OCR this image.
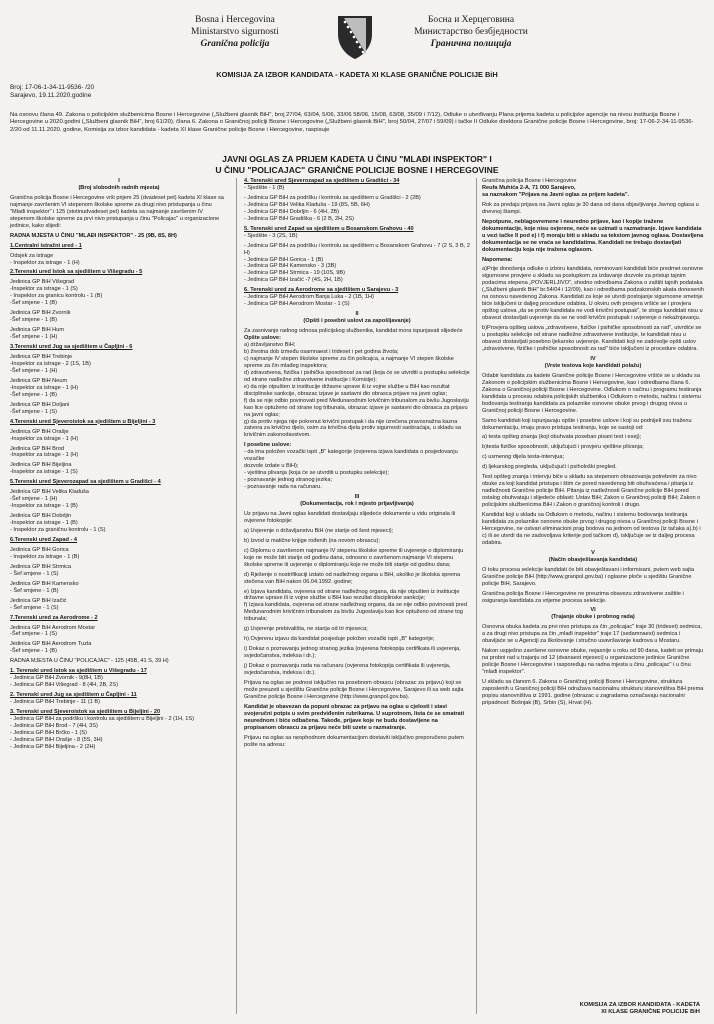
Bosna i Hercegovina
Ministarstvo sigurnosti
Granična policija
Босна и Херцеговина
Министарство безбједности
Гранична полиција
KOMISIJA ZA IZBOR KANDIDATA - KADETA XI KLASE GRANIČNE POLICIJE BiH
Broj: 17-06-1-34-11-9536- /20
Sarajevo, 19.11.2020.godine
Na osnovu člana 49. Zakona o policijskim službenicima Bosne i Hercegovine („Službeni glasnik BiH", broj 27/04, 63/04, 5/06, 33/06 58/06, 15/08, 63/08, 35/09 i 7/12), Odluke o utvrđivanju Plana prijema kadeta u policijske agencije na nivou institucija Bosne i Hercegovine u 2020.godini („Službeni glasnik BiH", broj 61/20), člana 6. Zakona o Graničnoj policiji Bosne i Hercegovine („Službeni glasnik BiH", broj 50/04, 27/07 i 59/09) i tačke II Odluke direktora Granične policije Bosne i Hercegovine, broj: 17-06-2-34-11-9536-2/20 od 11.11.2020. godine, Komisija za izbor kandidata - kadeta XI klase Granične policije Bosne i Hercegovine, raspisuje
JAVNI OGLAS ZA PRIJEM KADETA U ČINU "MLAĐI INSPEKTOR" I
U ČINU "POLICAJAC" GRANIČNE POLICIJE BOSNE I HERCEGOVINE

I

(Broj slobodnih radnih mjesta)

Granična policija Bosne i Hercegovine vrši prijem 25 (dvadeset pet) kadeta XI klase sa najmanje završenim VI stepenom školske spreme za drugi nivo pristupanja u činu "Mlađi inspektor" i 125 (stotinudvadeset pet) kadeta sa najmanje završenim IV stepenom školske spreme za prvi nivo pristupanja u činu "Policajac" u organizacione jedinice, kako slijedi:

RADNA MJESTA U ČINU "MLAĐI INSPEKTOR" - 25 (9B, 8S, 8H)

1.Centralni istražni ured - 1

Odsjek za istrage

- Inspektor za istrage - 1 (H)

2.Terenski ured Istok sa sjedištem u Višegradu - 5

Jedinica GP BiH Višegrad

-Inspektor za istrage - 1 (S)

- Inspektor za granicu kontrolu - 1 (B)

-Šef smjene - 1 (B)

Jedinica GP BiH Zvornik

-Šef smjene - 1 (B)

Jedinica GP BiH Hum

-Šef smjene - 1 (H)

3.Terenski ured Jug sa sjedištem u Čapljini - 6

Jedinica GP BiH Trebinje

-Inspektor za istrage - 2 (1S, 1B)

-Šef smjene - 1 (H)

Jedinica GP BiH Neum

-Inspektor za istrage - 1 (H)

-Šef smjene - 1 (B)

Jedinica GP BiH Doljani

-Šef smjene - 1 (S)

4.Terenski ured Sjeveroistok sa sjedištem u Bijeljini - 3

Jedinica GP BiH Orašje

-Inspektor za istrage - 1 (H)

Jedinica GP BiH Brod

-Inspektor za istrage - 1 (H)

Jedinica GP BiH Bijeljina

-Inspektor za istrage - 1 (S)

5.Terenski ured Sjeverozapad sa sjedištem u Gradišci - 4

Jedinica GP BiH Velika Kladuša

-Šef smjene - 1 (H)

-Inspektor za istrage - 1 (B)

Jedinica GP BiH Dobrljin

-Inspektor za istrage - 1 (B)

- Inspektor za graničnu kontrolu - 1 (S)

6.Terenski ured Zapad - 4

Jedinica GP BiH Gorica

- Inspektor za istrage - 1 (B)

Jedinica GP BiH Strmica

- Šef smjene - 1 (S)

Jedinica GP BiH Kamensko

- Šef smjene - 1 (B)

Jedinica GP BiH Izačić

- Šef smjene - 1 (S)

7.Terenski ured za Aerodrome - 2

Jedinica GP BiH Aerodrom Mostar

-Šef smjene - 1 (S)

Jedinica GP BiH Aerodrom Tuzla

-Šef smjene - 1 (B)

RADNA MJESTA U ČINU "POLICAJAC" - 125 (45B, 41 S, 39 H)

1. Terenski ured Istok sa sjedištem u Višegradu - 17

- Jedinica GP BiH Zvornik - 9(8H, 1B)

- Jedinica GP BiH Višegrad - 8 (4H, 2B, 2S)

2. Terenski ured Jug sa sjedištem u Čapljini - 11

- Jedinica GP BiH Trebinje - 11 (1 B)

3. Terenski ured Sjeveroistok sa sjedištem u Bijeljini - 20

- Jedinica GP BiH za podršku i kontrolu sa sjedištem u Bijeljini - 2 (1H, 1S)

- Jedinica GP BiH Brod - 7 (4H, 3S)

- Jedinica GP BiH Brčko - 1 (S)

- Jedinica GP BiH Orašje - 8 (5S, 3H)

- Jedinica GP BiH Bijeljina - 2 (2H)

4. Terenski ured Sjeverozapad sa sjedištem u Gradišci - 34

- Sjedište - 1 (B)

- Jedinica GP BiH za podršku i kontrolu sa sjedištem u Gradišci - 2 (2B)

- Jedinica GP BiH Velika Kladuša - 19 (8S, 5B, 6H)

- Jedinica GP BiH Dobrljin - 6 (4H, 2B)

- Jedinica GP BiH Gradiška - 6 (2 B, 2H, 2S)

5. Terenski ured Zapad sa sjedištem u Bosanskom Grahovu - 40

- Sjedište - 3 (2S, 1B)

- Jedinica GP BiH za podršku i kontrolu sa sjedištem u Bosanskom Grahovu - 7 (2 S, 3 B, 2 H)

- Jedinica GP BiH Gorica - 1 (B)

- Jedinica GP BiH Kamensko - 3 (3B)

- Jedinica GP BiH Strmica - 19 (10S, 9B)

- Jedinica GP BiH Izačić -7 (4S, 2H, 1B)

6. Terenski ured za Aerodrome sa sjedištem u Sarajevu - 3

- Jedinica GP BiH Aerodrom Banja Luka - 2 (1B, 1H)

- Jedinica GP BiH Aerodrom Mostar - 1 (S)

II

(Opšti i posebni uslovi za zapošljavanje)

Za zasnivanje radnog odnosa policijskog službenika, kandidat mora ispunjavati slijedeće

Opšte uslove:

a) državljanstvo BiH;

b) životna dob između osamnaest i trideset i pet godina života;

c) najmanje IV stepen školske spreme za čin policajca, a najmanje VI stepen školske spreme za čin mlađeg inspektora;

d) zdravstvena, fizička i psihička sposobnost za rad (koja će se utvrditi u postupku selekcije od strane nadležne zdravstvene institucije i Komisije);

e) da nije otpušten iz institucije državne uprave ili iz vojne službe u BiH kao rezultat disciplinske sankcije, obrazac izjave je sastavni dio obrasca prijave na javni oglas;

f) da se nije odbio povinovati pred Međunarodnim krivičnim tribunalom za bivšu Jugoslaviju kao lice optuženo od strane tog tribunala, obrazac izjave je sastavni dio obrasca za prijavu na javni oglas;

g) da protiv njega nije pokrenut krivični postupak i da nije izrečena pravosnažna kazna zatvora za krivično djelo, osim za krivična djela protiv sigurnosti saobraćaja, u skladu sa krivičnim zakonodavstvom.

I posebne uslove:

- da ima položen vozački ispit „B" kategorije (ovjerena izjava kandidata o posjedovanju vozačke

dozvole izdate u BiH);

- vještina plivanja (koja će se utvrditi u postupku selekcije);

- poznavanje jednog stranog jezika;

- poznavanje rada na računaru.

III

(Dokumentacija, rok i mjesto prijavljivanja)

Uz prijavu na Javni oglas kandidati dostavljaju slijedeće dokumente u vidu originala ili ovjerene fotokopije:

a) Uvjerenje o državljanstvu BiH (ne starije od šest mjeseci);

b) Izvod iz matične knjige rođenih (na novom obrascu);

c) Diplomu o završenom najmanje IV stepenu školske spreme ili uvjerenje o diplomiranju koje ne može biti starije od godinu dana, odnosno o završenom najmanje VI stepenu školske spreme ili uvjerenje o diplomiranju koje ne može biti starije od godinu dana;

d) Rješenje o nostrifikaciji izdato od nadležnog organa u BiH, ukoliko je školska sprema stečena van BiH nakon 06.04.1992. godine;

e) Izjava kandidata, ovjerena od strane nadležnog organa, da nije otpušten iz institucije državne uprave ili iz vojne službe u BiH kao rezultat disciplinske sankcije;

f) Izjava kandidata, ovjerena od strane nadležnog organa, da se nije odbio povinovati pred Međunarodnim krivičnim tribunalom za bivšu Jugoslaviju kao lice optuženo od strane tog tribunala;

g) Uvjerenje prebivališta, ne starija od tri mjeseca;

h) Ovjerenu izjavu da kandidat posjeduje položen vozački ispit „B" kategorije;

i) Dokaz o poznavanju jednog stranog jezika (ovjerena fotokopija certifikata ili uvjerenja, svjedočanstva, indeksa i dr.);

j) Dokaz o poznavanju rada na računaru (ovjerena fotokopija certifikata ili uvjerenja, svjedočanstva, indeksa i dr.).

Prijava na oglas se podnosi isključivo na posebnom obrascu (obrazac za prijavu) koji se može preuzeti u sjedištu Granične policije Bosne i Hercegovine, Sarajevo ili sa web sajta Granične policije Bosne i Hercegovine (http://www.granpol.gov.ba).

Kandidat je obavezan da popuni obrazac za prijavu na oglas u cjelosti i stavi svojeručni potpis u svim predviđenim rubrikama. U suprotnom, lista će se smatrati neurednom i biće odbačena. Takođe, prijave koje ne budu dostavljene na propisanom obrascu za prijavu neće biti uzete u razmatranje.

Prijavu na oglas sa neophodnom dokumentacijom dostaviti isključivo preporučeno putem pošte na adresu:

Granična policija Bosne i Hercegovine

Reufa Muhića 2-A, 71 000 Sarajevo,

sa naznakom "Prijava na Javni oglas za prijem kadeta".

Rok za predaju prijava na Javni oglas je 30 dana od dana objavljivanja Javnog oglasa u dnevnoj štampi.

Nepotpune, neblagovremene i neuredno prijave, kao i kopije tražene dokumentacije, koje nisu ovjerene, neće se uzimati u razmatranje. Izjave kandidata u vezi tačke II pod e) i f) moraju biti u skladu sa tekstom javnog oglasa. Dostavljena dokumentacija se ne vraća se kandidatima. Kandidati ne trebaju dostavljati dokumentaciju koja nije tražena oglasom.

Napomena:

a)Prije donošenja odluke o izboru kandidata, nominovani kandidati biće predmet osnovne sigurnosne provjere u skladu sa postupkom za izdavanje dozvole za pristup tajnim podacima stepena „POVJERLJIVO", shodno odredbama Zakona o zaštiti tajnih podataka („Službeni glasnik BiH" br.54/04 i 12/09), kao i odredbama podzakonskih akata donesenih na osnovu navedenog Zakona. Kandidati za koje se utvrdi postojanje sigurnosne smetnje biće isključeni iz daljeg procedure odabira. U okviru ovih provjera vršiće se i provjera opštog uslova „da se protiv kandidata ne vodi krivični postupak", te stoga kandidati nisu u obavezi dostavljati uvjerenje da se ne vodi krivični postupak i uvjerenje o nekažnjavanju.

b)Provjera opšteg uslova „zdravstvene, fizičke i psihičke sposobnosti za rad", utvrdiće se u postupku selekcije od strane nadležne zdravstvene institucije, te kandidati nisu u obavezi dostavljati posebno ljekarsko uvjerenje. Kandidati koji ne zadovolje opšti uslov „zdravstvene, fizičke i psihičke sposobnosti za rad" biće isključeni iz procedure odabira.

IV

(Vrste testova koje kandidati polažu)

Odabir kandidata za kadete Granične policije Bosne i Hercegovine vršiće se u skladu sa Zakonom o policijskim službenicima Bosne i Hercegovine, kao i odredbama člana 6. Zakona o Graničnoj policiji Bosne i Hercegovine. Odlukom o načinu i programu testiranja kandidata u procesu odabira policijskih službenika i Odlukom o metodu, načinu i sistemu bodovanja testiranja kandidata za polaznike osnovne obuke prvog i drugog nivoa u Graničnoj policiji Bosne i Hercegovine.

Samo kandidati koji ispunjavaju opšte i posebne uslove i koji su podnijeli svu traženu dokumentaciju, imaju pravo pristupa testiranju, koje se sastoji od:

a) testa opšteg znanja (koji obuhvata poseban pisani test i esej);

b)testa fizičke sposobnosti, uključujući i provjeru vještine plivanja;

c) usmenog dijela testa-intervjua;

d) ljekarskog pregleda, uključujući i psihološki pregled.

Test opšteg znanja i intervju biće u skladu sa stepenom obrazovanja potrebnim za nivo obuke za koji kandidat pristupa i štim će pored navedenog biti obuhvaćena i pitanja iz nadležnosti Granične policije BiH. Pitanja iz nadležnosti Granične policije BiH pored ostalog obuhvataju i slijedeće oblasti: Ustav BiH; Zakon o Graničnoj policiji BiH; Zakon o policijskim službenicima BiH i Zakon o graničnoj kontroli i drugo.

Kandidat koji u skladu sa Odlukom o metodu, načinu i sistemu bodovanja testiranja kandidata za polaznike osnovne obuke prvog i drugog nivoa u Graničnoj policiji Bosne i Hercegovine, ne ostvari eliminacioni prag bodova na jednom od testova (iz tačaka a),b) i c) ili se utvrdi da ne zadovoljava kriterije pod tačkom d), isključuje se iz daljeg procesa odabira.

V

(Način obavještavanja kandidata)

O toku procesa selekcije kandidati će biti obavještavani i informisani, putem web sajta Granične policije BiH (http://www.granpol.gov.ba) i oglasne ploče u sjedištu Granične policije BiH, Sarajevo.

Granična policija Bosne i Hercegovine ne preuzima obavezu zdravstvene zaštite i osiguranja kandidata za vrijeme procesa selekcije.

VI

(Trajanje obuke i probnog rada)

Osnovna obuka kadeta za prvi nivo pristupa za čin „policajac" traje 30 (trideset) sedmica, a za drugi nivo pristupa za čin „mlađi inspektor" traje 17 (sedamnaest) sedmica i obavljaće se u Agenciji za školovanje i stručno usavršavanje kadrova u Mostaru.

Nakon uspješno završene osnovne obuke, nejasnije u roku od 90 dana, kadeti se primaju na probni rad u trajanju od 12 (dvanaest mjeseci) u organizacione jedinice Granične policije Bosne i Hercegovine i raspoređuju na radna mjesta u činu „policajac" i u činu "mlađi inspektor".

U skladu sa članom 6. Zakona o Graničnoj policiji Bosne i Hercegovine, struktura zaposlenih u Graničnoj policiji BiH odražava nacionalnu strukturu stanovništva BiH prema popisu stanovništva iz 1991. godine (obrazac u zagradama označavaju nacionalni pripadnost: Bošnjak (B), Srbin (S), Hrvat (H).

KOMISIJA ZA IZBOR KANDIDATA - KADETA
XI KLASE GRANIČNE POLICIJE BiH
